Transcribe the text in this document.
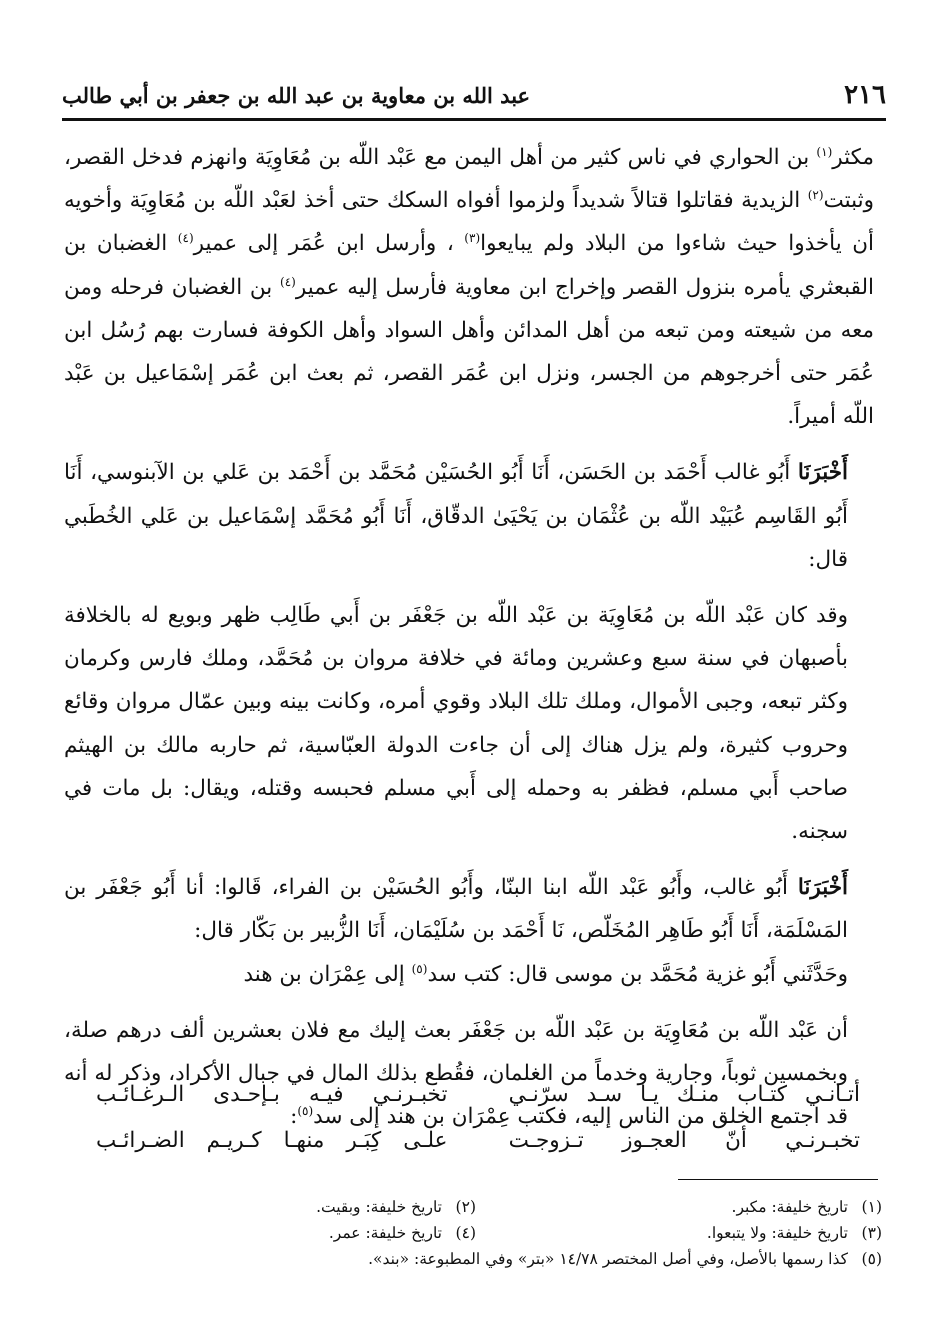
٢١٦
عبد الله بن معاوية بن عبد الله بن جعفر بن أبي طالب

مكثر$^{(١)}$ بن الحواري في ناس كثير من أهل اليمن مع عَبْد اللّه بن مُعَاوِيَة وانهزم فدخل القصر، وثبتت$^{(٢)}$ الزيدية فقاتلوا قتالاً شديداً ولزموا أفواه السكك حتى أخذ لعَبْد اللّه بن مُعَاوِيَة وأخويه أن يأخذوا حيث شاءوا من البلاد ولم يبايعوا$^{(٣)}$ ، وأرسل ابن عُمَر إلى عمير$^{(٤)}$ الغضبان بن القبعثري يأمره بنزول القصر وإخراج ابن معاوية فأرسل إليه عمير$^{(٤)}$ بن الغضبان فرحله ومن معه من شيعته ومن تبعه من أهل المدائن وأهل السواد وأهل الكوفة فسارت بهم رُسُل ابن عُمَر حتى أخرجوهم من الجسر، ونزل ابن عُمَر القصر، ثم بعث ابن عُمَر إسْمَاعيل بن عَبْد اللّه أميراً.

أَخْبَرَنَا أَبُو غالب أَحْمَد بن الحَسَن، أَنَا أَبُو الحُسَيْن مُحَمَّد بن أَحْمَد بن عَلي بن الآبنوسي، أَنَا أَبُو القَاسِم عُبَيْد اللّه بن عُثْمَان بن يَحْيَىٰ الدقّاق، أَنَا أَبُو مُحَمَّد إسْمَاعيل بن عَلي الخُطَبي قال:

وقد كان عَبْد اللّه بن مُعَاوِيَة بن عَبْد اللّه بن جَعْفَر بن أَبي طَالِب ظهر وبويع له بالخلافة بأصبهان في سنة سبع وعشرين ومائة في خلافة مروان بن مُحَمَّد، وملك فارس وكرمان وكثر تبعه، وجبى الأموال، وملك تلك البلاد وقوي أمره، وكانت بينه وبين عمّال مروان وقائع وحروب كثيرة، ولم يزل هناك إلى أن جاءت الدولة العبّاسية، ثم حاربه مالك بن الهيثم صاحب أَبي مسلم، فظفر به وحمله إلى أَبي مسلم فحبسه وقتله، ويقال: بل مات في سجنه.

أَخْبَرَنَا أَبُو غالب، وأَبُو عَبْد اللّه ابنا البنّا، وأَبُو الحُسَيْن بن الفراء، قَالوا: أنا أَبُو جَعْفَر بن المَسْلَمَة، أَنَا أَبُو طَاهِر المُخَلّص، نَا أَحْمَد بن سُلَيْمَان، أَنَا الزُّبير بن بَكّار قال:

وحَدَّثَني أَبُو غزية مُحَمَّد بن موسى قال: كتب سد$^{(٥)}$ إلى عِمْرَان بن هند

أن عَبْد اللّه بن مُعَاوِيَة بن عَبْد اللّه بن جَعْفَر بعث إليك مع فلان بعشرين ألف درهم صلة، وبخمسين ثوباً، وجارية وخدماً من الغلمان، فقُطع بذلك المال في جبال الأكراد، وذكر له أنه قد اجتمع الخلق من الناس إليه، فكتب عِمْرَان بن هند إلى سد$^{(٥)}$:

أتـانـي كتـاب منـك يـا سـد سرّنـي
تخبـرنـي فيـه بـإحـدى الـرغـائـب
تخبـرنـي أنّ العجـوز تـزوجـت
علـى كِبَـر منهـا كـريـم الضـرائـب
(١)تاريخ خليفة: مكبر.
(٢)تاريخ خليفة: وبقيت.
(٣)تاريخ خليفة: ولا يتبعوا.
(٤)تاريخ خليفة: عمر.
(٥)كذا رسمها بالأصل، وفي أصل المختصر ١٤/٧٨ «بتر» وفي المطبوعة: «بند».
